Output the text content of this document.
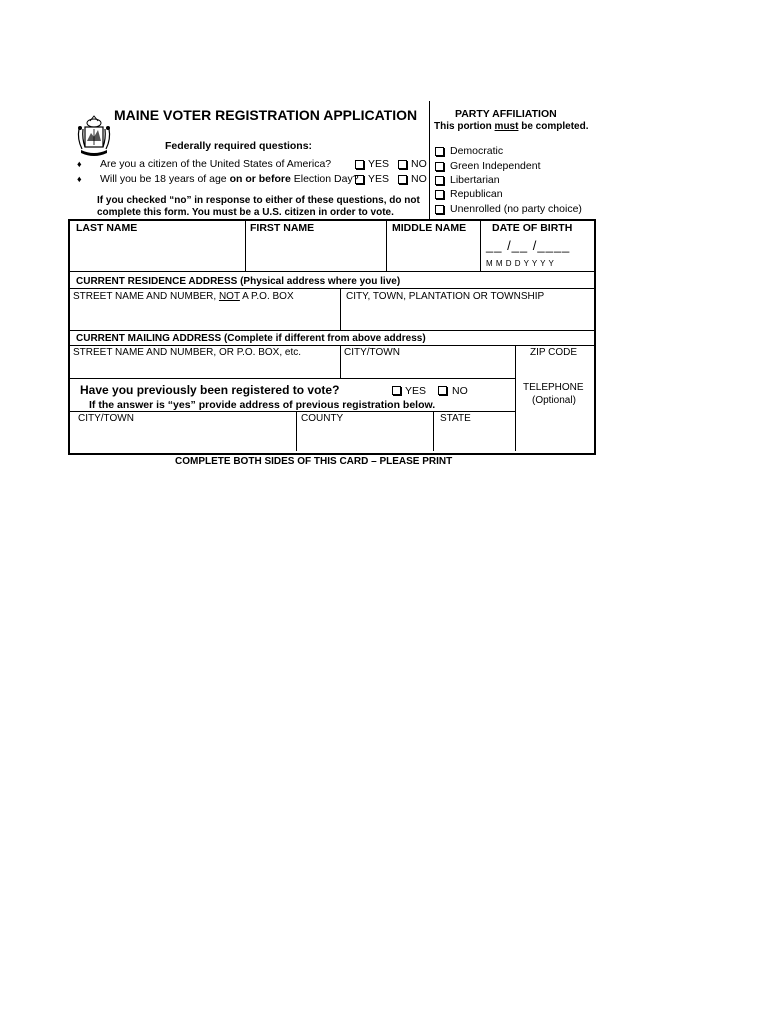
MAINE VOTER REGISTRATION APPLICATION
Federally required questions:
♦ Are you a citizen of the United States of America?	YES NO
♦ Will you be 18 years of age on or before Election Day? YES NO
If you checked “no” in response to either of these questions, do not
complete this form. You must be a U.S. citizen in order to vote.
PARTY AFFILIATION
This portion must be completed.
Democratic
Green Independent
Libertarian
Republican
Unenrolled (no party choice)
LAST NAME	FIRST NAME	MIDDLE NAME DATE OF BIRTH
__ /__ /____
M M D D Y Y Y Y
CURRENT RESIDENCE ADDRESS (Physical address where you live)
STREET NAME AND NUMBER, NOT A P.O. BOX	CITY, TOWN, PLANTATION OR TOWNSHIP
CURRENT MAILING ADDRESS (Complete if different from above address)
STREET NAME AND NUMBER, OR P.O. BOX, etc.	CITY/TOWN	ZIP CODE
Have you previously been registered to vote?	YES NO
If the answer is “yes” provide address of previous registration below.
CITY/TOWN	COUNTY	STATE
TELEPHONE
(Optional)
COMPLETE BOTH SIDES OF THIS CARD – PLEASE PRINT
